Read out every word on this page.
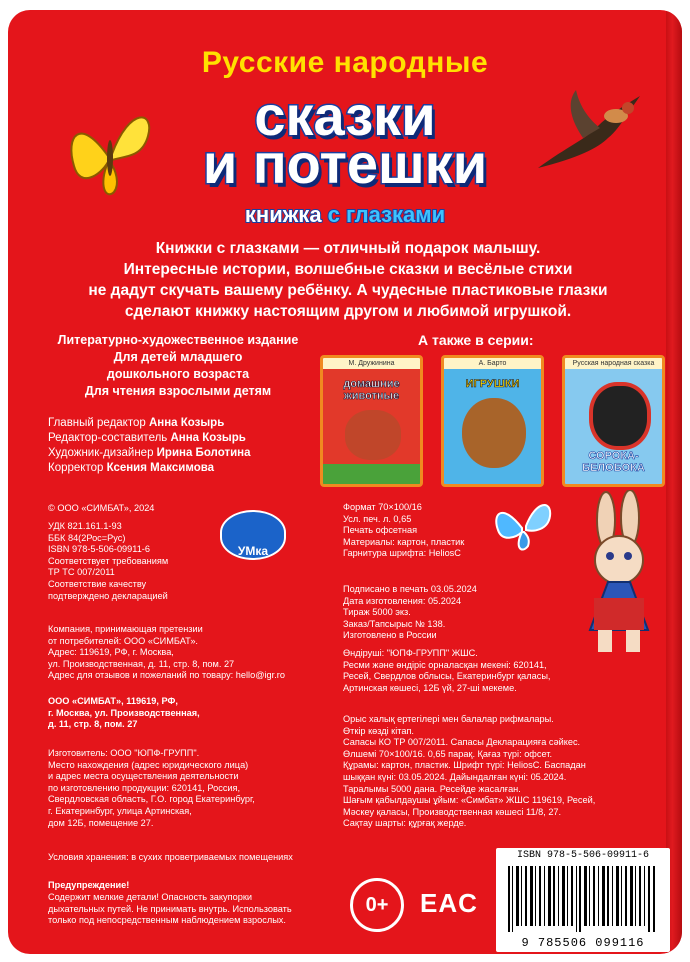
Русские народные
сказки
и потешки
книжка с глазками
Книжки с глазками — отличный подарок малышу.
Интересные истории, волшебные сказки и весёлые стихи
не дадут скучать вашему ребёнку. А чудесные пластиковые глазки
сделают книжку настоящим другом и любимой игрушкой.
Литературно-художественное издание
Для детей младшего
дошкольного возраста
Для чтения взрослыми детям
А также в серии:
М. Дружинина
домашние животные
А. Барто
ИГРУШКИ
Русская народная сказка
СОРОКА-БЕЛОБОКА
Главный редактор Анна Козырь
Редактор-составитель Анна Козырь
Художник-дизайнер Ирина Болотина
Корректор Ксения Максимова
© ООО «СИМБАТ», 2024
УДК 821.161.1-93
ББК 84(2Рос=Рус)
ISBN 978-5-506-09911-6
Соответствует требованиям
ТР ТС 007/2011
Соответствие качеству
подтверждено декларацией
УМка
Компания, принимающая претензии
от потребителей: ООО «СИМБАТ».
Адрес: 119619, РФ, г. Москва,
ул. Производственная, д. 11, стр. 8, пом. 27
Адрес для отзывов и пожеланий по товару: hello@igr.ro
ООО «СИМБАТ», 119619, РФ,
г. Москва, ул. Производственная,
д. 11, стр. 8, пом. 27
Изготовитель: ООО "ЮПФ-ГРУПП".
Место нахождения (адрес юридического лица)
и адрес места осуществления деятельности
по изготовлению продукции: 620141, Россия,
Свердловская область, Г.О. город Екатеринбург,
г. Екатеринбург, улица Артинская,
дом 12Б, помещение 27.
Условия хранения: в сухих проветриваемых помещениях
Предупреждение!
Содержит мелкие детали! Опасность закупорки
дыхательных путей. Не принимать внутрь. Использовать
только под непосредственным наблюдением взрослых.
Формат 70×100/16
Усл. печ. л. 0,65
Печать офсетная
Материалы: картон, пластик
Гарнитура шрифта: HeliosC
Подписано в печать 03.05.2024
Дата изготовления: 05.2024
Тираж 5000 экз.
Заказ/Тапсырыс № 138.
Изготовлено в России
Өндіруші: "ЮПФ-ГРУПП" ЖШС.
Ресми және өндіріс орналасқан мекені: 620141,
Ресей, Свердлов облысы, Екатеринбург қаласы,
Артинская көшесі, 12Б үй, 27-ші мекеме.
Орыс халық ертегілері мен балалар рифмалары.
Өткір көзді кітап.
Сапасы КО ТР 007/2011. Сапасы Декларацияға сәйкес.
Өлшемі 70×100/16. 0,65 парақ. Қағаз түрі: офсет.
Құрамы: картон, пластик. Шрифт түрі: HeliosC. Баспадан
шыққан күні: 03.05.2024. Дайындалған күні: 05.2024.
Таралымы 5000 дана. Ресейде жасалған.
Шағым қабылдаушы ұйым: «Симбат» ЖШС 119619, Ресей,
Мәскеу қаласы, Производственная көшесі 11/8, 27.
Сақтау шарты: құрғақ жерде.
0+	EAC
ISBN 978-5-506-09911-6
9 785506 099116
